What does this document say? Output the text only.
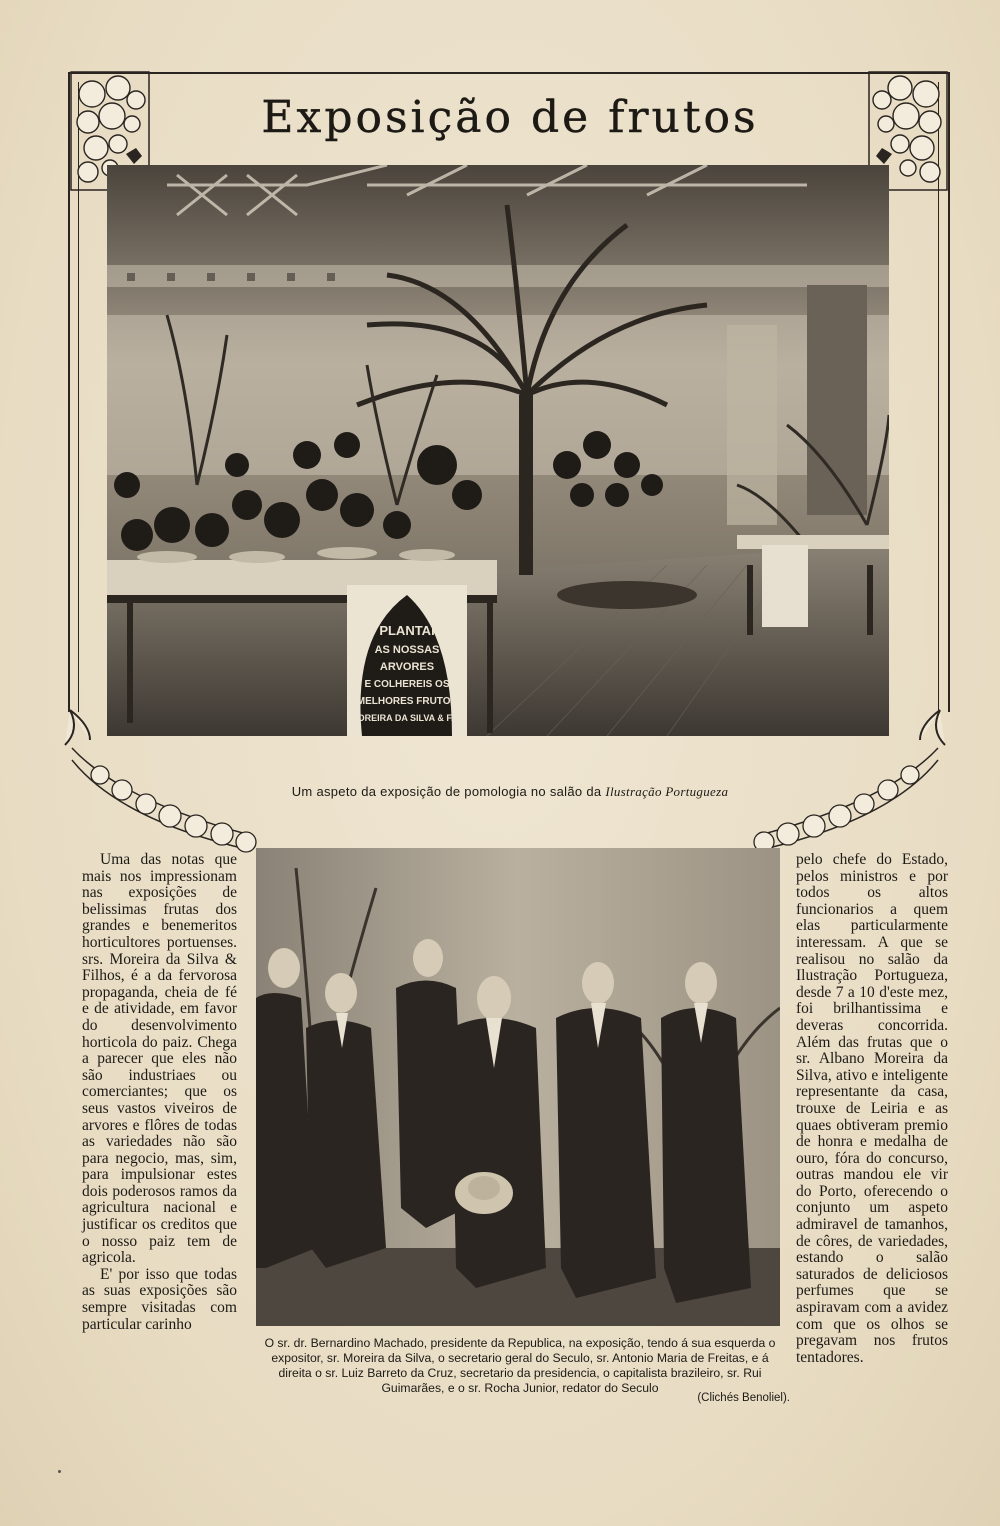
Exposição de frutos
PLANTAI
AS NOSSAS
ARVORES
E COLHEREIS OS
MELHORES FRUTOS
MOREIRA DA SILVA & F.os
Um aspeto da exposição de pomologia no salão da Ilustração Portugueza

Uma das notas que mais nos impressionam nas exposições de belissimas frutas dos grandes e benemeritos horticultores portuenses. srs. Moreira da Silva & Filhos, é a da fervorosa propaganda, cheia de fé e de atividade, em favor do desenvolvimento horticola do paiz. Chega a parecer que eles não são industriaes ou comerciantes; que os seus vastos viveiros de arvores e flôres de todas as variedades não são para negocio, mas, sim, para impulsionar estes dois poderosos ramos da agricultura nacional e justificar os creditos que o nosso paiz tem de agricola.

E' por isso que todas as suas exposições são sempre visitadas com particular carinho

pelo chefe do Estado, pelos ministros e por todos os altos funcionarios a quem elas particularmente interessam. A que se realisou no salão da Ilustração Portugueza, desde 7 a 10 d'este mez, foi brilhantissima e deveras concorrida. Além das frutas que o sr. Albano Moreira da Silva, ativo e inteligente representante da casa, trouxe de Leiria e as quaes obtiveram premio de honra e medalha de ouro, fóra do concurso, outras mandou ele vir do Porto, oferecendo o conjunto um aspeto admiravel de tamanhos, de côres, de variedades, estando o salão saturados de deliciosos perfumes que se aspiravam com a avidez com que os olhos se pregavam nos frutos tentadores.

O sr. dr. Bernardino Machado, presidente da Republica, na exposição, tendo á sua esquerda o expositor, sr. Moreira da Silva, o secretario geral do Seculo, sr. Antonio Maria de Freitas, e á direita o sr. Luiz Barreto da Cruz, secretario da presidencia, o capitalista brazileiro, sr. Rui Guimarães, e o sr. Rocha Junior, redator do Seculo
(Clichés Benoliel).
